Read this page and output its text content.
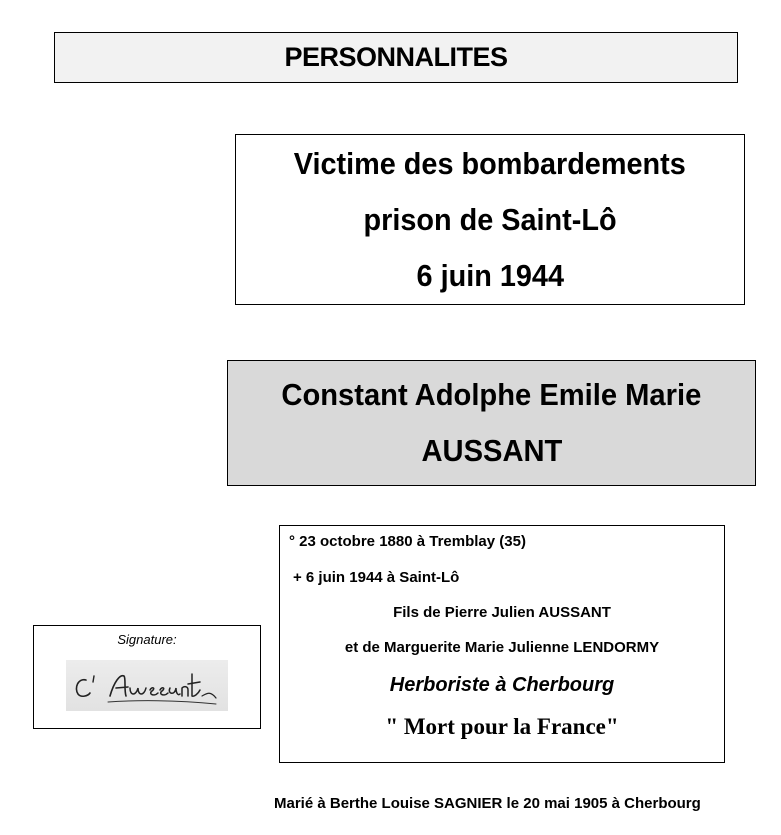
PERSONNALITES
Victime des bombardements
prison de Saint-Lô
6 juin 1944
Constant Adolphe Emile Marie
AUSSANT
° 23 octobre 1880 à Tremblay (35)
+ 6 juin 1944 à Saint-Lô
Fils de Pierre Julien AUSSANT
et de Marguerite Marie Julienne LENDORMY
Herboriste à Cherbourg
" Mort pour la France"
Signature:
Marié à Berthe Louise SAGNIER le 20 mai 1905 à Cherbourg
